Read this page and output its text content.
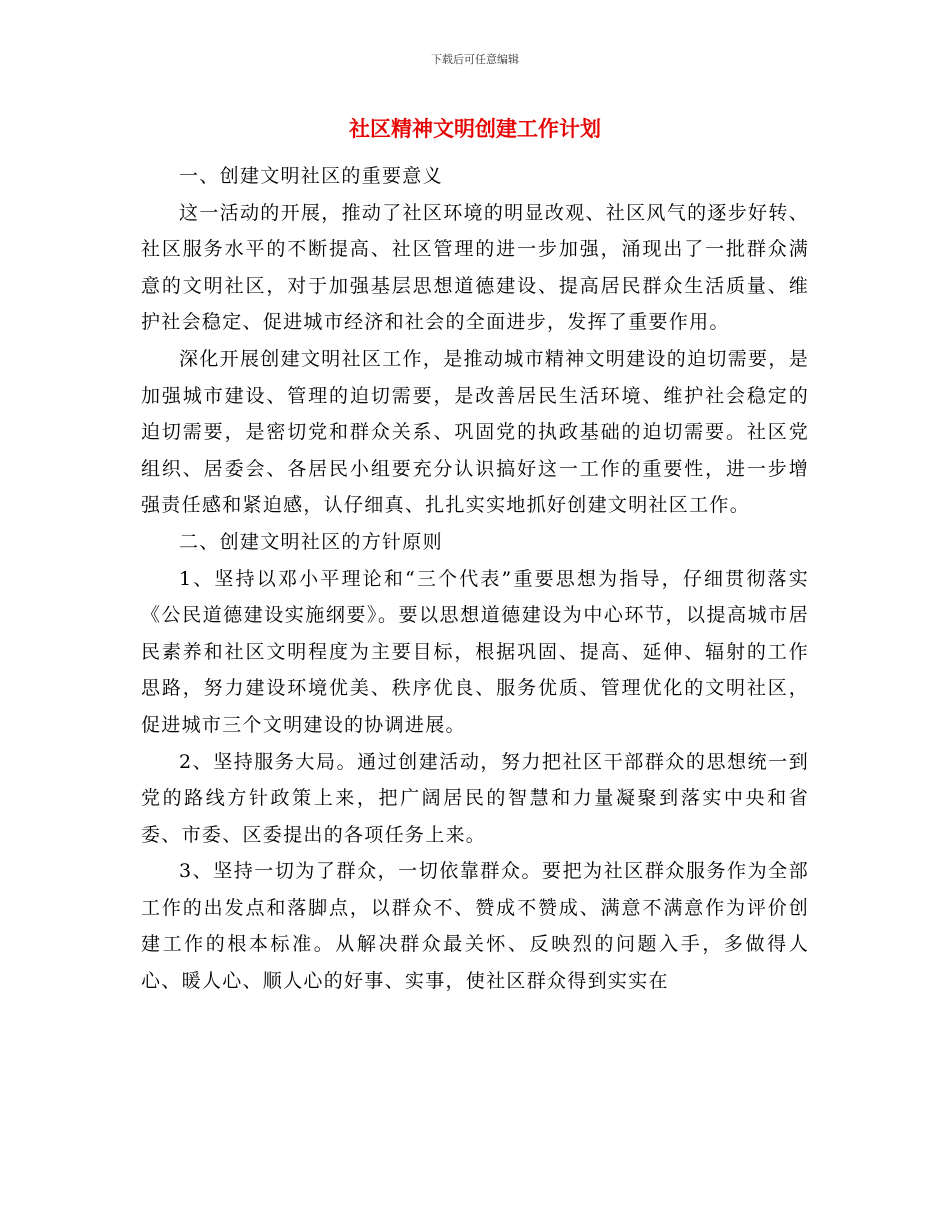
下载后可任意编辑
社区精神文明创建工作计划

一、创建文明社区的重要意义

这一活动的开展，推动了社区环境的明显改观、社区风气的逐步好转、社区服务水平的不断提高、社区管理的进一步加强，涌现出了一批群众满意的文明社区，对于加强基层思想道德建设、提高居民群众生活质量、维护社会稳定、促进城市经济和社会的全面进步，发挥了重要作用。

深化开展创建文明社区工作，是推动城市精神文明建设的迫切需要，是加强城市建设、管理的迫切需要，是改善居民生活环境、维护社会稳定的迫切需要，是密切党和群众关系、巩固党的执政基础的迫切需要。社区党组织、居委会、各居民小组要充分认识搞好这一工作的重要性，进一步增强责任感和紧迫感，认仔细真、扎扎实实地抓好创建文明社区工作。

二、创建文明社区的方针原则

1、坚持以邓小平理论和“三个代表”重要思想为指导，仔细贯彻落实《公民道德建设实施纲要》。要以思想道德建设为中心环节，以提高城市居民素养和社区文明程度为主要目标，根据巩固、提高、延伸、辐射的工作思路，努力建设环境优美、秩序优良、服务优质、管理优化的文明社区，促进城市三个文明建设的协调进展。

2、坚持服务大局。通过创建活动，努力把社区干部群众的思想统一到党的路线方针政策上来，把广阔居民的智慧和力量凝聚到落实中央和省委、市委、区委提出的各项任务上来。

3、坚持一切为了群众，一切依靠群众。要把为社区群众服务作为全部工作的出发点和落脚点，以群众不、赞成不赞成、满意不满意作为评价创建工作的根本标准。从解决群众最关怀、反映烈的问题入手，多做得人心、暖人心、顺人心的好事、实事，使社区群众得到实实在
